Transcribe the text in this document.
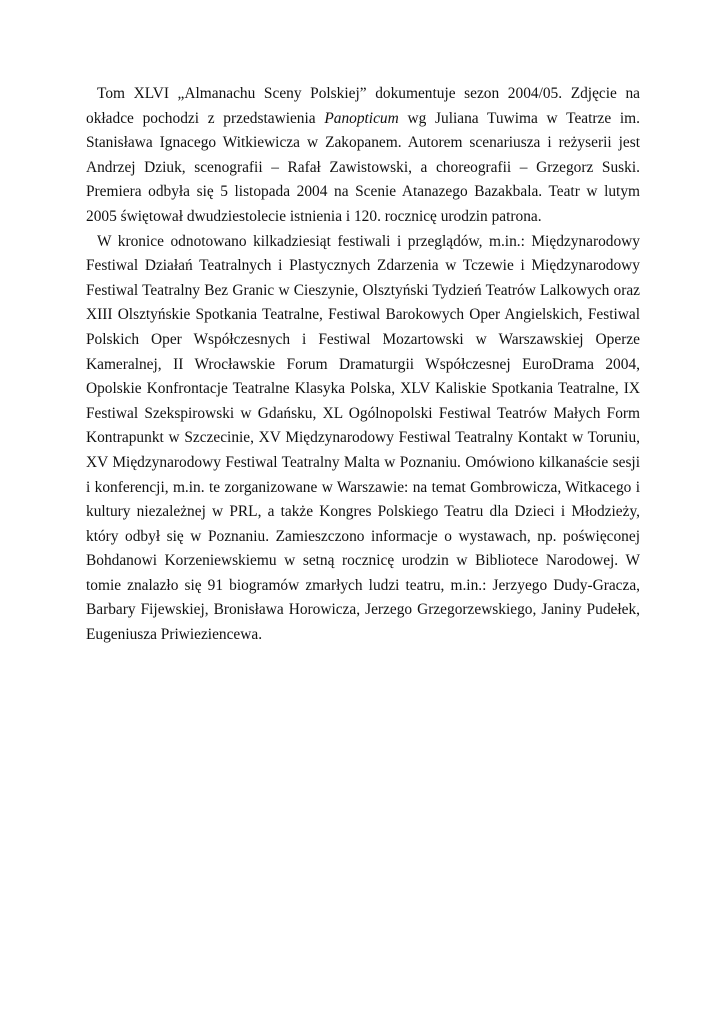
Tom XLVI „Almanachu Sceny Polskiej” dokumentuje sezon 2004/05. Zdjęcie na okładce pochodzi z przedstawienia Panopticum wg Juliana Tuwima w Teatrze im. Stanisława Ignacego Witkiewicza w Zakopanem. Autorem scenariusza i reżyserii jest Andrzej Dziuk, scenografii – Rafał Zawistowski, a choreografii – Grzegorz Suski. Premiera odbyła się 5 listopada 2004 na Scenie Atanazego Bazakbala. Teatr w lutym 2005 świętował dwudziestolecie istnienia i 120. rocznicę urodzin patrona.

W kronice odnotowano kilkadziesiąt festiwali i przeglądów, m.in.: Międzynarodowy Festiwal Działań Teatralnych i Plastycznych Zdarzenia w Tczewie i Międzynarodowy Festiwal Teatralny Bez Granic w Cieszynie, Olsztyński Tydzień Teatrów Lalkowych oraz XIII Olsztyńskie Spotkania Teatralne, Festiwal Barokowych Oper Angielskich, Festiwal Polskich Oper Współczesnych i Festiwal Mozartowski w Warszawskiej Operze Kameralnej, II Wrocławskie Forum Dramaturgii Współczesnej EuroDrama 2004, Opolskie Konfrontacje Teatralne Klasyka Polska, XLV Kaliskie Spotkania Teatralne, IX Festiwal Szekspirowski w Gdańsku, XL Ogólnopolski Festiwal Teatrów Małych Form Kontrapunkt w Szczecinie, XV Międzynarodowy Festiwal Teatralny Kontakt w Toruniu, XV Międzynarodowy Festiwal Teatralny Malta w Poznaniu. Omówiono kilkanaście sesji i konferencji, m.in. te zorganizowane w Warszawie: na temat Gombrowicza, Witkacego i kultury niezależnej w PRL, a także Kongres Polskiego Teatru dla Dzieci i Młodzieży, który odbył się w Poznaniu. Zamieszczono informacje o wystawach, np. poświęconej Bohdanowi Korzeniewskiemu w setną rocznicę urodzin w Bibliotece Narodowej. W tomie znalazło się 91 biogramów zmarłych ludzi teatru, m.in.: Jerzyego Dudy-Gracza, Barbary Fijewskiej, Bronisława Horowicza, Jerzego Grzegorzewskiego, Janiny Pudełek, Eugeniusza Priwieziencewa.
